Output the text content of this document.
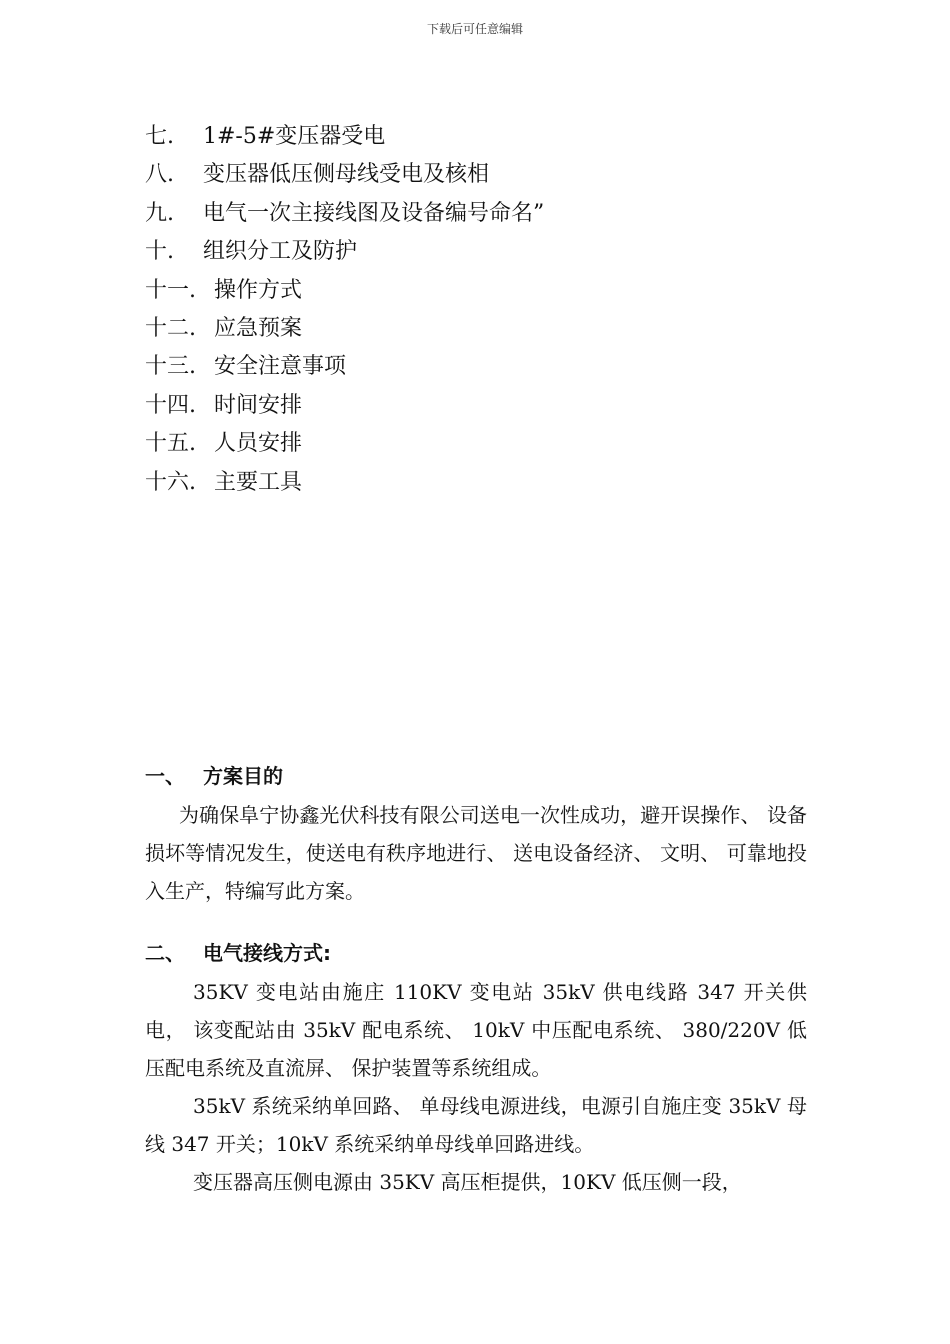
下载后可任意编辑
七. 1#-5#变压器受电
八. 变压器低压侧母线受电及核相
九. 电气一次主接线图及设备编号命名”
十. 组织分工及防护
十一. 操作方式
十二. 应急预案
十三. 安全注意事项
十四. 时间安排
十五. 人员安排
十六. 主要工具
一、 方案目的

为确保阜宁协鑫光伏科技有限公司送电一次性成功，避开误操作、 设备损坏等情况发生，使送电有秩序地进行、 送电设备经济、 文明、 可靠地投入生产，特编写此方案。

二、 电气接线方式:

35KV 变电站由施庄 110KV 变电站 35kV 供电线路 347 开关供电， 该变配站由 35kV 配电系统、 10kV 中压配电系统、 380/220V 低压配电系统及直流屏、 保护装置等系统组成。

35kV 系统采纳单回路、 单母线电源进线，电源引自施庄变 35kV 母线 347 开关；10kV 系统采纳单母线单回路进线。

变压器高压侧电源由 35KV 高压柜提供，10KV 低压侧一段，
